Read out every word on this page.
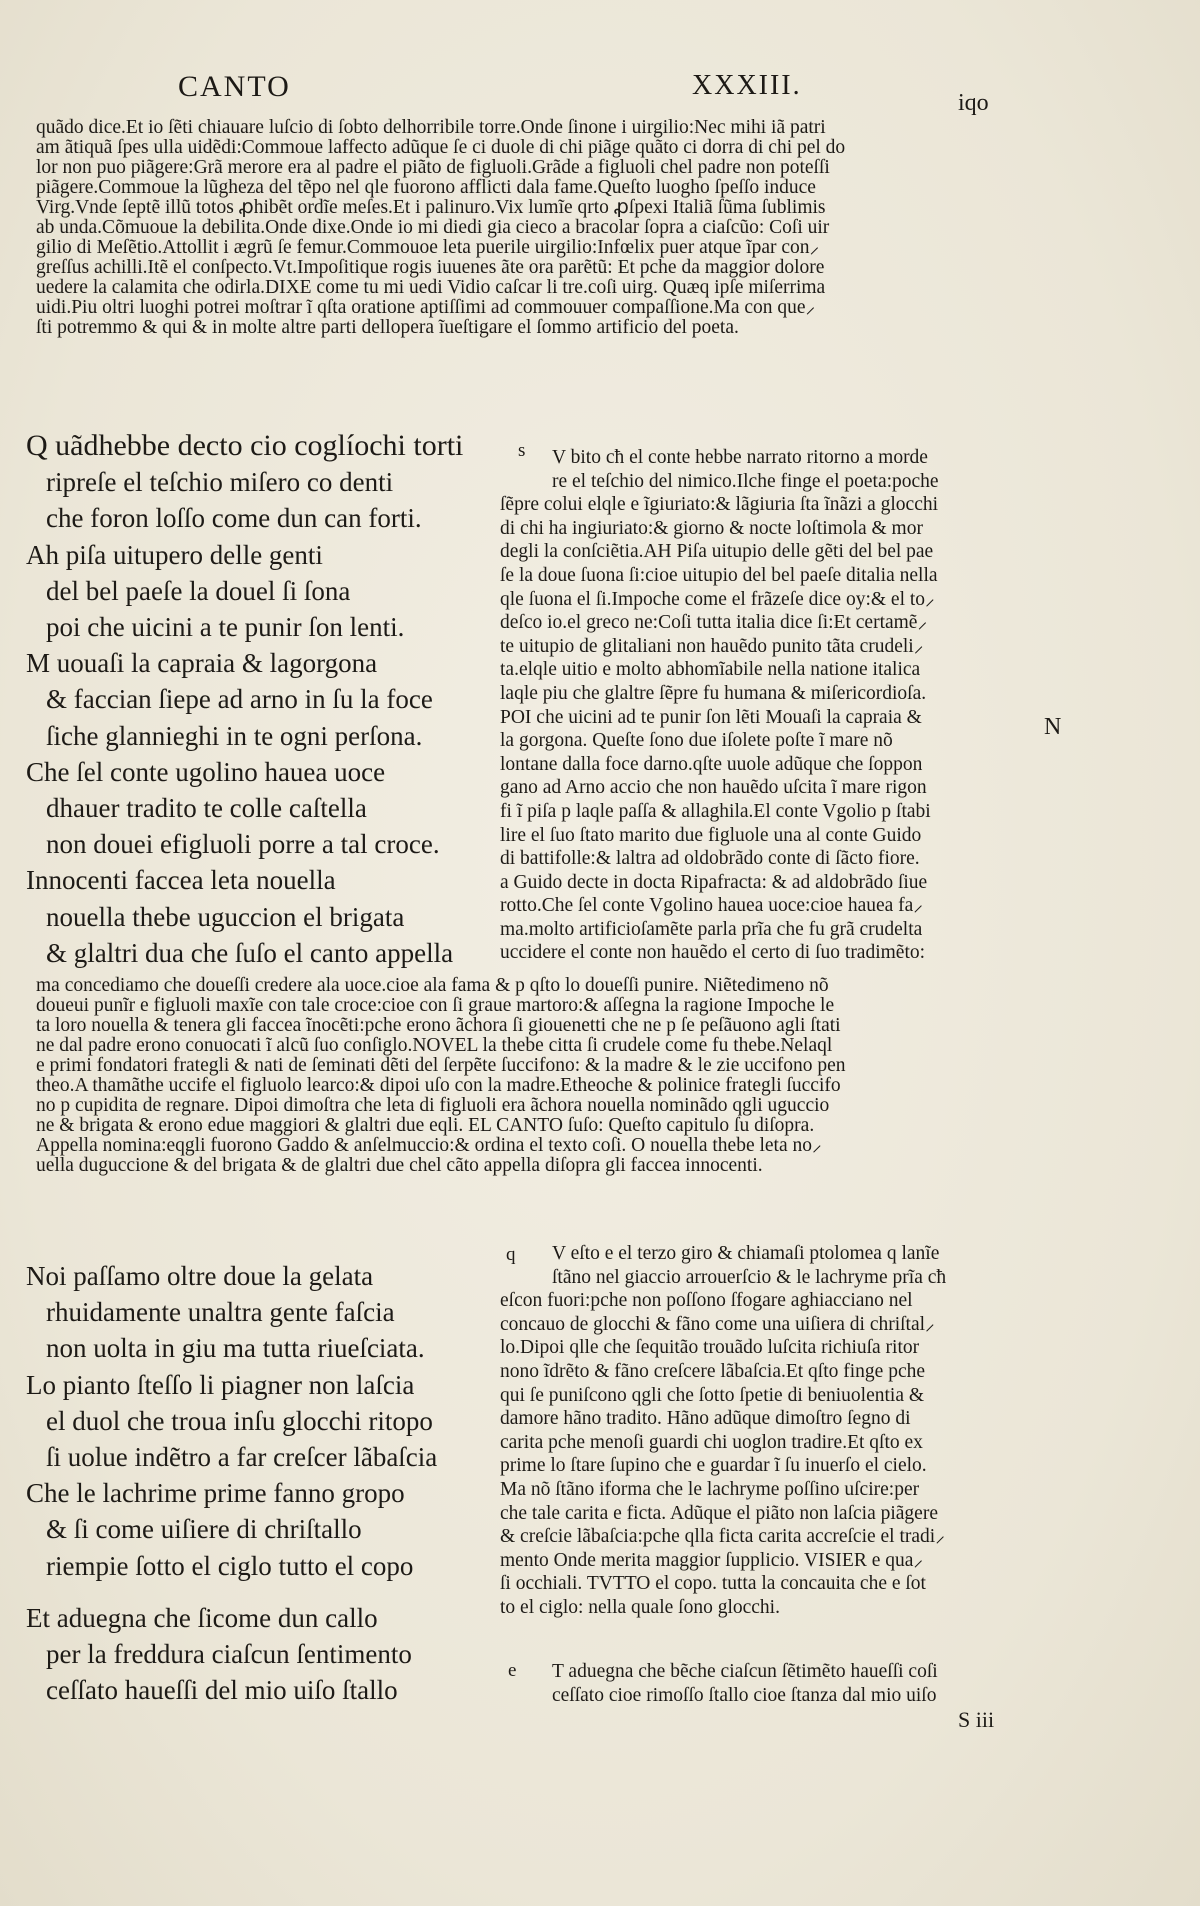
CANTO	XXXIII.
iqo
quãdo dice.Et io ſẽti chiauare luſcio di ſobto delhorribile torre.Onde ſinone i uirgilio:Nec mihi iã patri
am ãtiquã ſpes ulla uidẽdi:Commoue laffecto adũque ſe ci duole di chi piãge quãto ci dorra di chi pel do
lor non puo piãgere:Grã merore era al padre el piãto de figluoli.Grãde a figluoli chel padre non poteſſi
piãgere.Commoue la lũgheza del tẽpo nel qle fuorono afflicti dala fame.Queſto luogho ſpeſſo induce
Virg.Vnde ſeptẽ illũ totos ꝓhibẽt ordĩe meſes.Et i palinuro.Vix lumĩe qrto ꝓſpexi Italiã ſũma ſublimis
ab unda.Cõmuoue la debilita.Onde dixe.Onde io mi diedi gia cieco a bracolar ſopra a ciaſcũo: Coſi uir
gilio di Meſẽtio.Attollit i ægrũ ſe femur.Commouoe leta puerile uirgilio:Infœlix puer atque ĩpar con⸝
greſſus achilli.Itẽ el conſpecto.Vt.Impoſitique rogis iuuenes ãte ora parẽtũ: Et pche da maggior dolore
uedere la calamita che odirla.DIXE come tu mi uedi Vidio caſcar li tre.coſi uirg. Quæq ipſe miſerrima
uidi.Piu oltri luoghi potrei moſtrar ĩ qſta oratione aptiſſimi ad commouuer compaſſione.Ma con que⸝
ſti potremmo & qui & in molte altre parti dellopera ĩueſtigare el ſommo artificio del poeta.
s
Q uãdhebbe decto cio coglíochi torti
ripreſe el teſchio miſero co denti
che foron loſſo come dun can forti.
Ah piſa uitupero delle genti
del bel paeſe la douel ſi ſona
poi che uicini a te punir ſon lenti.
M uouaſi la capraia & lagorgona
& faccian ſiepe ad arno in ſu la foce
ſiche glannieghi in te ogni perſona.
Che ſel conte ugolino hauea uoce
dhauer tradito te colle caſtella
non douei efigluoli porre a tal croce.
Innocenti faccea leta nouella
nouella thebe uguccion el brigata
& glaltri dua che ſuſo el canto appella
V bito cħ el conte hebbe narrato ritorno a morde
re el teſchio del nimico.Ilche finge el poeta:poche
ſẽpre colui elqle e ĩgiuriato:& lãgiuria ſta ĩnãzi a glocchi
di chi ha ingiuriato:& giorno & nocte loſtimola & mor
degli la conſciẽtia.AH Piſa uitupio delle gẽti del bel pae
ſe la doue ſuona ſi:cioe uitupio del bel paeſe ditalia nella
qle ſuona el ſi.Impoche come el frãzeſe dice oy:& el to⸝
deſco io.el greco ne:Coſi tutta italia dice ſi:Et certamẽ⸝
te uitupio de glitaliani non hauẽdo punito tãta crudeli⸝
ta.elqle uitio e molto abhomĩabile nella natione italica
laqle piu che glaltre ſẽpre fu humana & miſericordioſa.
POI che uicini ad te punir ſon lẽti Mouaſi la capraia &
la gorgona. Queſte ſono due iſolete poſte ĩ mare nõ
lontane dalla foce darno.qſte uuole adũque che ſoppon
gano ad Arno accio che non hauẽdo uſcita ĩ mare rigon
fi ĩ piſa p laqle paſſa & allaghila.El conte Vgolio p ſtabi
lire el ſuo ſtato marito due figluole una al conte Guido
di battifolle:& laltra ad oldobrãdo conte di ſãcto fiore.
a Guido decte in docta Ripafracta: & ad aldobrãdo ſiue
rotto.Che ſel conte Vgolino hauea uoce:cioe hauea fa⸝
ma.molto artificioſamẽte parla prĩa che fu grã crudelta
uccidere el conte non hauẽdo el certo di ſuo tradimẽto:
N
ma concediamo che doueſſi credere ala uoce.cioe ala fama & p qſto lo doueſſi punire. Niẽtedimeno nõ
doueui punĩr e figluoli maxĩe con tale croce:cioe con ſi graue martoro:& aſſegna la ragione Impoche le
ta loro nouella & tenera gli faccea ĩnocẽti:pche erono ãchora ſi giouenetti che ne p ſe peſãuono agli ſtati
ne dal padre erono conuocati ĩ alcũ ſuo conſiglo.NOVEL la thebe citta ſi crudele come fu thebe.Nelaql
e primi fondatori frategli & nati de ſeminati dẽti del ſerpẽte ſuccifono: & la madre & le zie uccifono pen
theo.A thamãthe uccife el figluolo learco:& dipoi uſo con la madre.Etheoche & polinice frategli ſuccifo
no p cupidita de regnare. Dipoi dimoſtra che leta di figluoli era ãchora nouella nominãdo qgli uguccio
ne & brigata & erono edue maggiori & glaltri due eqli. EL CANTO ſuſo: Queſto capitulo ſu diſopra.
Appella nomina:eqgli fuorono Gaddo & anſelmuccio:& ordina el texto coſi. O nouella thebe leta no⸝
uella duguccione & del brigata & de glaltri due chel cãto appella diſopra gli faccea innocenti.
q
Noi paſſamo oltre doue la gelata
rhuidamente unaltra gente faſcia
non uolta in giu ma tutta riueſciata.
Lo pianto ſteſſo li piagner non laſcia
el duol che troua inſu glocchi ritopo
ſi uolue indẽtro a far creſcer lãbaſcia
Che le lachrime prime fanno gropo
& ſi come uiſiere di chriſtallo
riempie ſotto el ciglo tutto el copo
Et aduegna che ſicome dun callo
per la freddura ciaſcun ſentimento
ceſſato haueſſi del mio uiſo ſtallo
V eſto e el terzo giro & chiamaſi ptolomea q lanĩe
ſtãno nel giaccio arrouerſcio & le lachryme prĩa cħ
eſcon fuori:pche non poſſono ſfogare aghiacciano nel
concauo de glocchi & fãno come una uiſiera di chriſtal⸝
lo.Dipoi qlle che ſequitão trouãdo luſcita richiuſa ritor
nono ĩdrẽto & fãno creſcere lãbaſcia.Et qſto finge pche
qui ſe puniſcono qgli che ſotto ſpetie di beniuolentia &
damore hãno tradito. Hãno adũque dimoſtro ſegno di
carita pche menoſi guardi chi uoglon tradire.Et qſto ex
prime lo ſtare ſupino che e guardar ĩ ſu inuerſo el cielo.
Ma nõ ſtãno iforma che le lachryme poſſino uſcire:per
che tale carita e ficta. Adũque el piãto non laſcia piãgere
& creſcie lãbaſcia:pche qlla ficta carita accreſcie el tradi⸝
mento Onde merita maggior ſupplicio. VISIER e qua⸝
ſi occhiali. TVTTO el copo. tutta la concauita che e ſot
to el ciglo: nella quale ſono glocchi.
e	T aduegna che bẽche ciaſcun ſẽtimẽto haueſſi coſi
ceſſato cioe rimoſſo ſtallo cioe ſtanza dal mio uiſo
S iii
